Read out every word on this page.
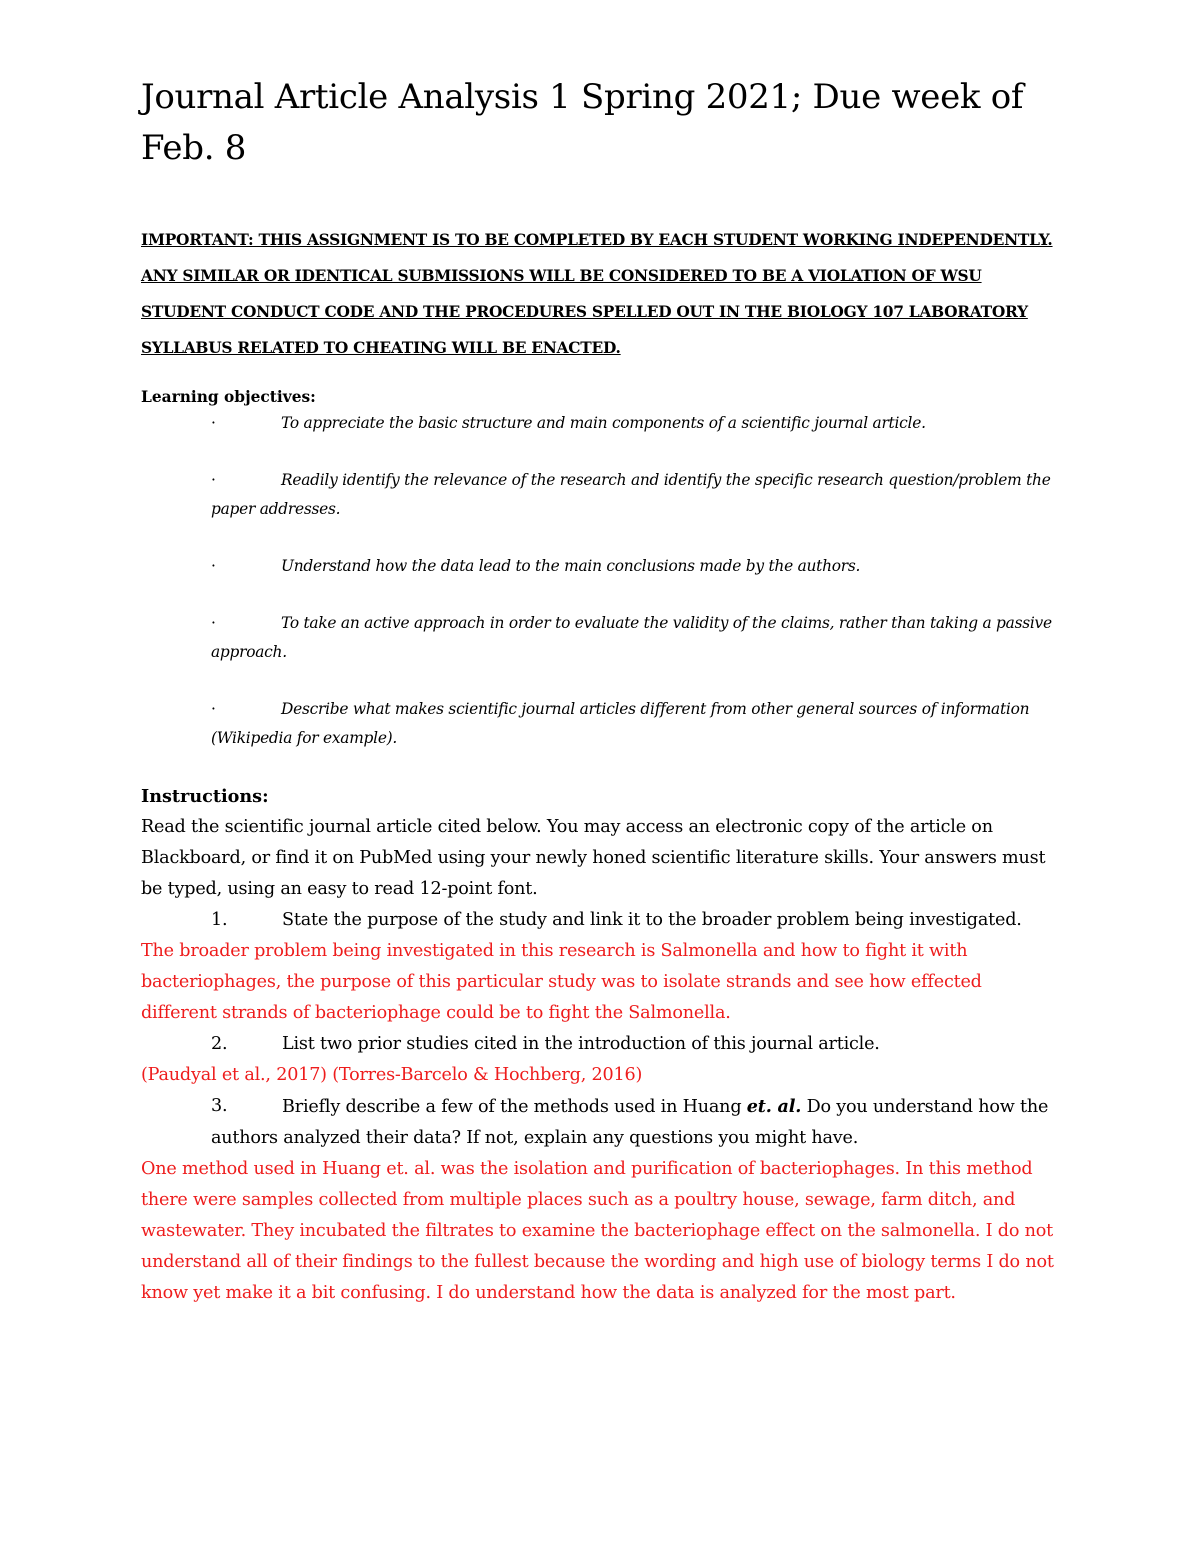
Journal Article Analysis 1 Spring 2021; Due week of Feb. 8
IMPORTANT: THIS ASSIGNMENT IS TO BE COMPLETED BY EACH STUDENT WORKING INDEPENDENTLY. ANY SIMILAR OR IDENTICAL SUBMISSIONS WILL BE CONSIDERED TO BE A VIOLATION OF WSU STUDENT CONDUCT CODE AND THE PROCEDURES SPELLED OUT IN THE BIOLOGY 107 LABORATORY SYLLABUS RELATED TO CHEATING WILL BE ENACTED.
Learning objectives:
·	To appreciate the basic structure and main components of a scientific journal article.
·	Readily identify the relevance of the research and identify the specific research question/problem the paper addresses.
·	Understand how the data lead to the main conclusions made by the authors.
·	To take an active approach in order to evaluate the validity of the claims, rather than taking a passive approach.
·	Describe what makes scientific journal articles different from other general sources of information (Wikipedia for example).
Instructions:

Read the scientific journal article cited below. You may access an electronic copy of the article on Blackboard, or find it on PubMed using your newly honed scientific literature skills. Your answers must be typed, using an easy to read 12-point font.

1.	State the purpose of the study and link it to the broader problem being investigated.

The broader problem being investigated in this research is Salmonella and how to fight it with bacteriophages, the purpose of this particular study was to isolate strands and see how effected different strands of bacteriophage could be to fight the Salmonella.

2.	List two prior studies cited in the introduction of this journal article.

(Paudyal et al., 2017) (Torres-Barcelo & Hochberg, 2016)

3.	Briefly describe a few of the methods used in Huang et. al. Do you understand how the authors analyzed their data? If not, explain any questions you might have.

One method used in Huang et. al. was the isolation and purification of bacteriophages. In this method there were samples collected from multiple places such as a poultry house, sewage, farm ditch, and wastewater. They incubated the filtrates to examine the bacteriophage effect on the salmonella. I do not understand all of their findings to the fullest because the wording and high use of biology terms I do not know yet make it a bit confusing. I do understand how the data is analyzed for the most part.
